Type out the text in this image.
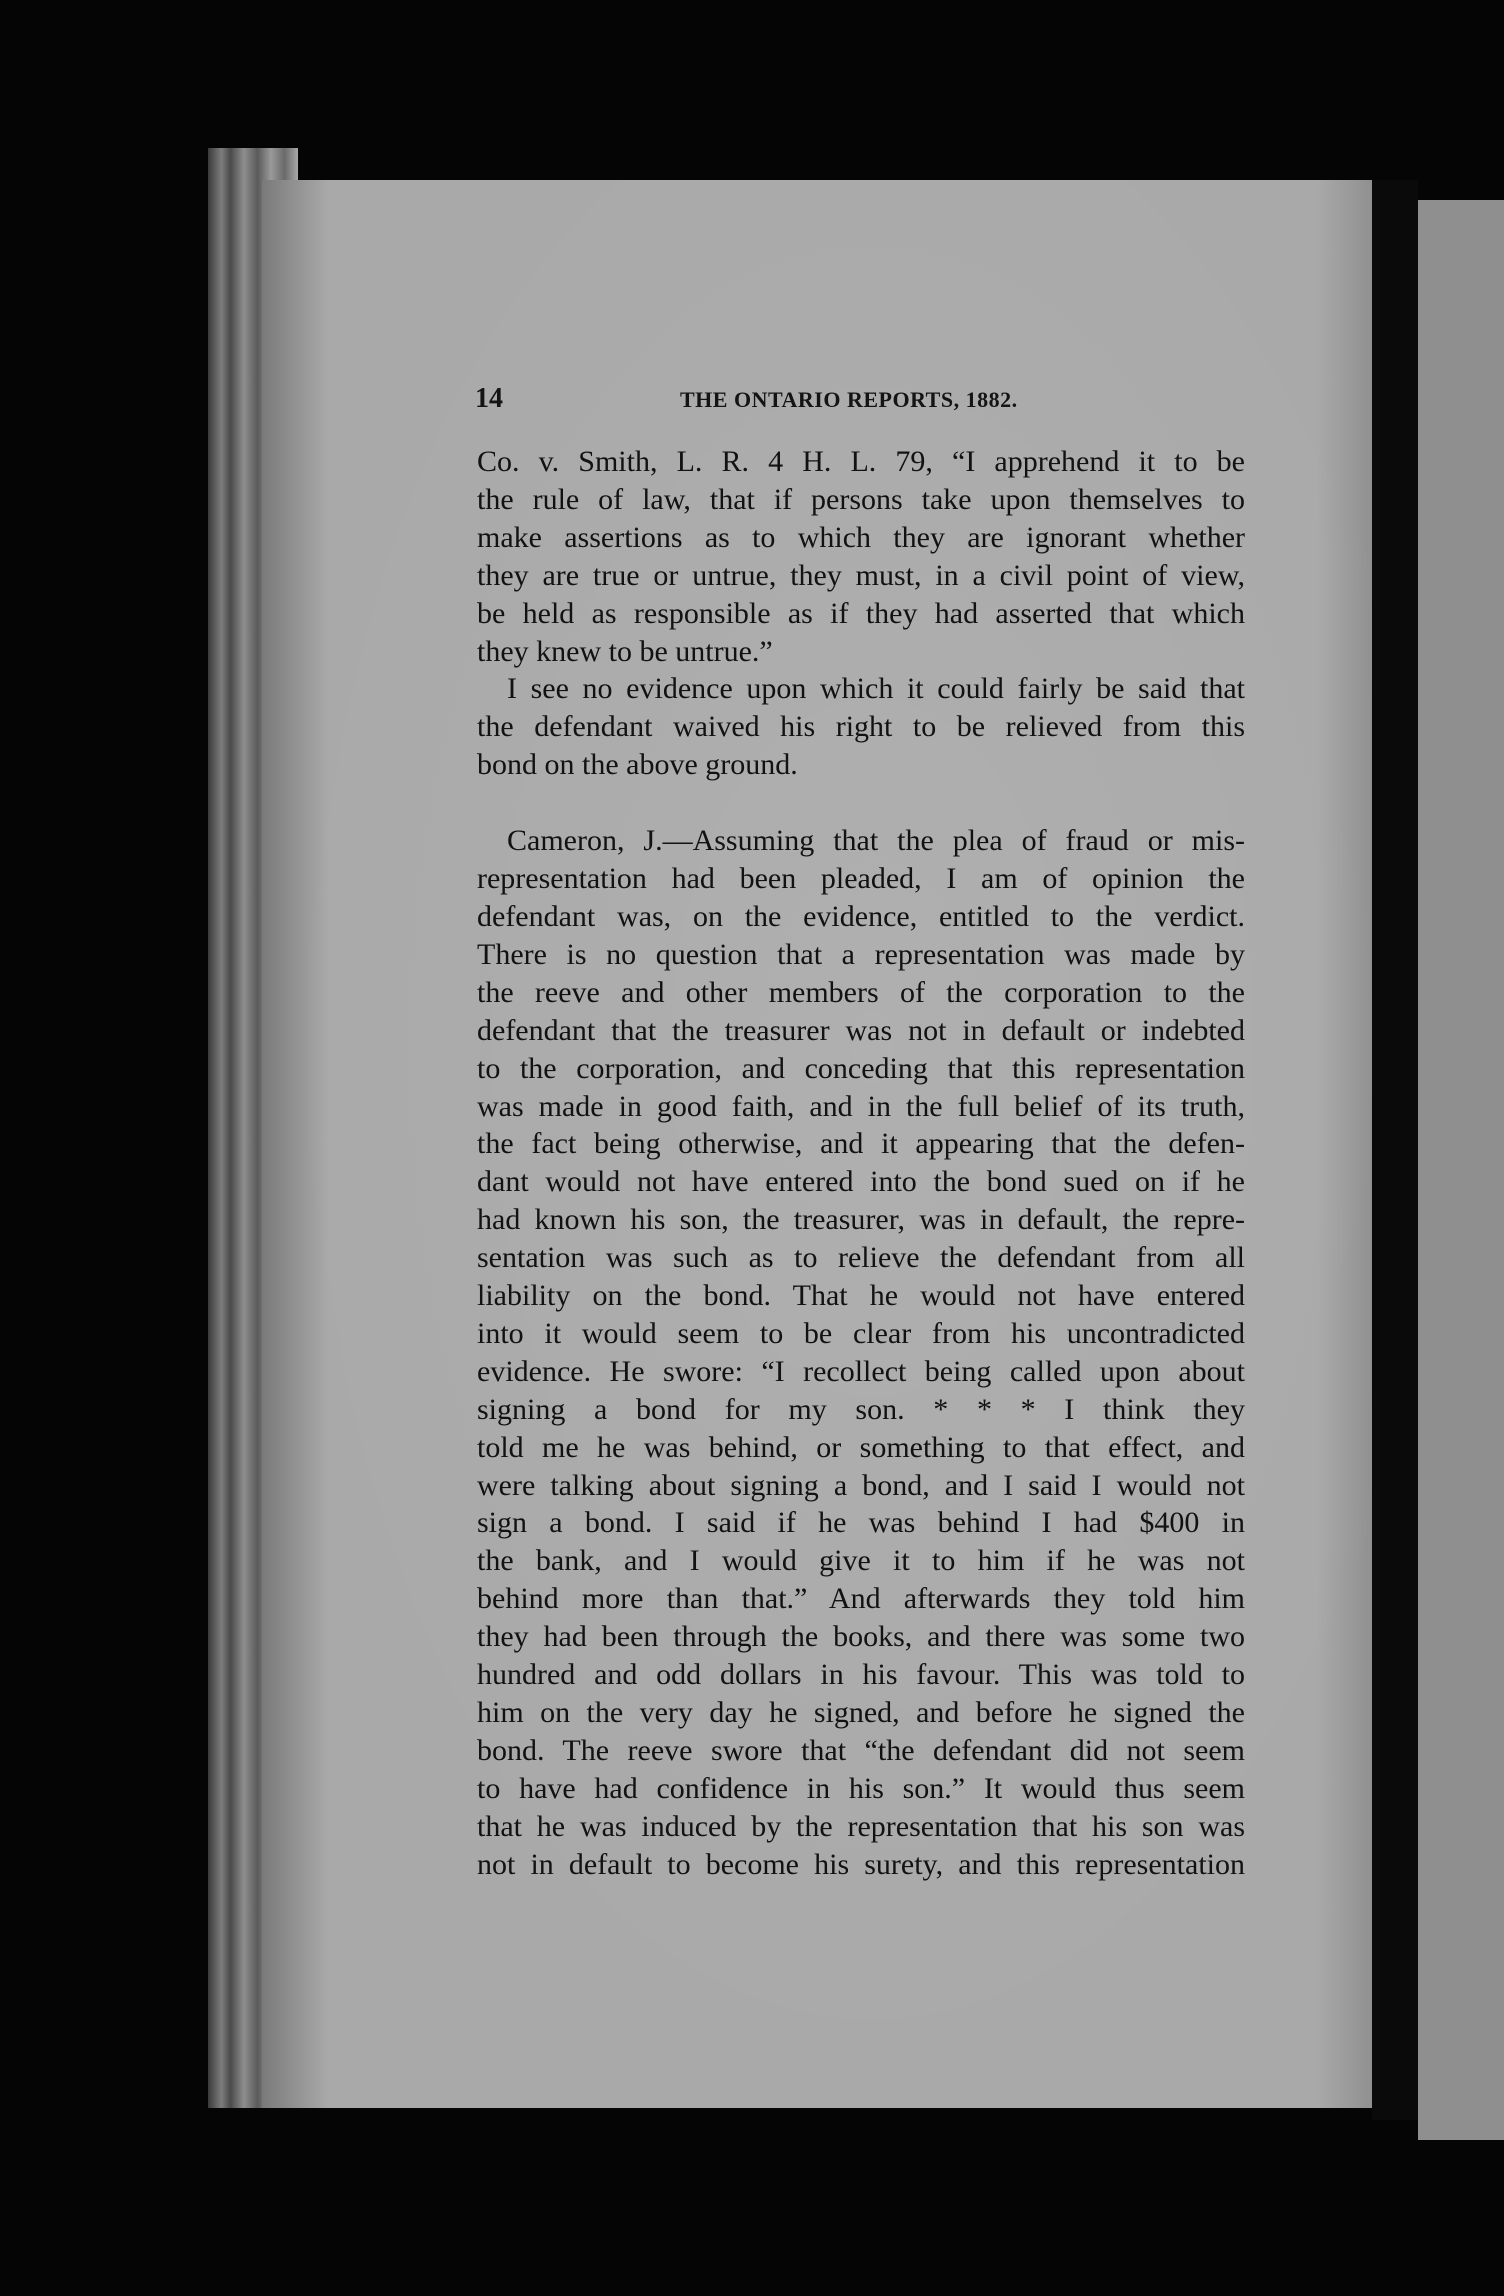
14	THE ONTARIO REPORTS, 1882.
Co. v. Smith, L. R. 4 H. L. 79, “I apprehend it to be
the rule of law, that if persons take upon themselves to
make assertions as to which they are ignorant whether
they are true or untrue, they must, in a civil point of view,
be held as responsible as if they had asserted that which
they knew to be untrue.”
I see no evidence upon which it could fairly be said that
the defendant waived his right to be relieved from this
bond on the above ground.
Cameron, J.—Assuming that the plea of fraud or mis-
representation had been pleaded, I am of opinion the
defendant was, on the evidence, entitled to the verdict.
There is no question that a representation was made by
the reeve and other members of the corporation to the
defendant that the treasurer was not in default or indebted
to the corporation, and conceding that this representation
was made in good faith, and in the full belief of its truth,
the fact being otherwise, and it appearing that the defen-
dant would not have entered into the bond sued on if he
had known his son, the treasurer, was in default, the repre-
sentation was such as to relieve the defendant from all
liability on the bond. That he would not have entered
into it would seem to be clear from his uncontradicted
evidence. He swore: “I recollect being called upon about
signing a bond for my son. * * * I think they
told me he was behind, or something to that effect, and
were talking about signing a bond, and I said I would not
sign a bond. I said if he was behind I had $400 in
the bank, and I would give it to him if he was not
behind more than that.” And afterwards they told him
they had been through the books, and there was some two
hundred and odd dollars in his favour. This was told to
him on the very day he signed, and before he signed the
bond. The reeve swore that “the defendant did not seem
to have had confidence in his son.” It would thus seem
that he was induced by the representation that his son was
not in default to become his surety, and this representation
